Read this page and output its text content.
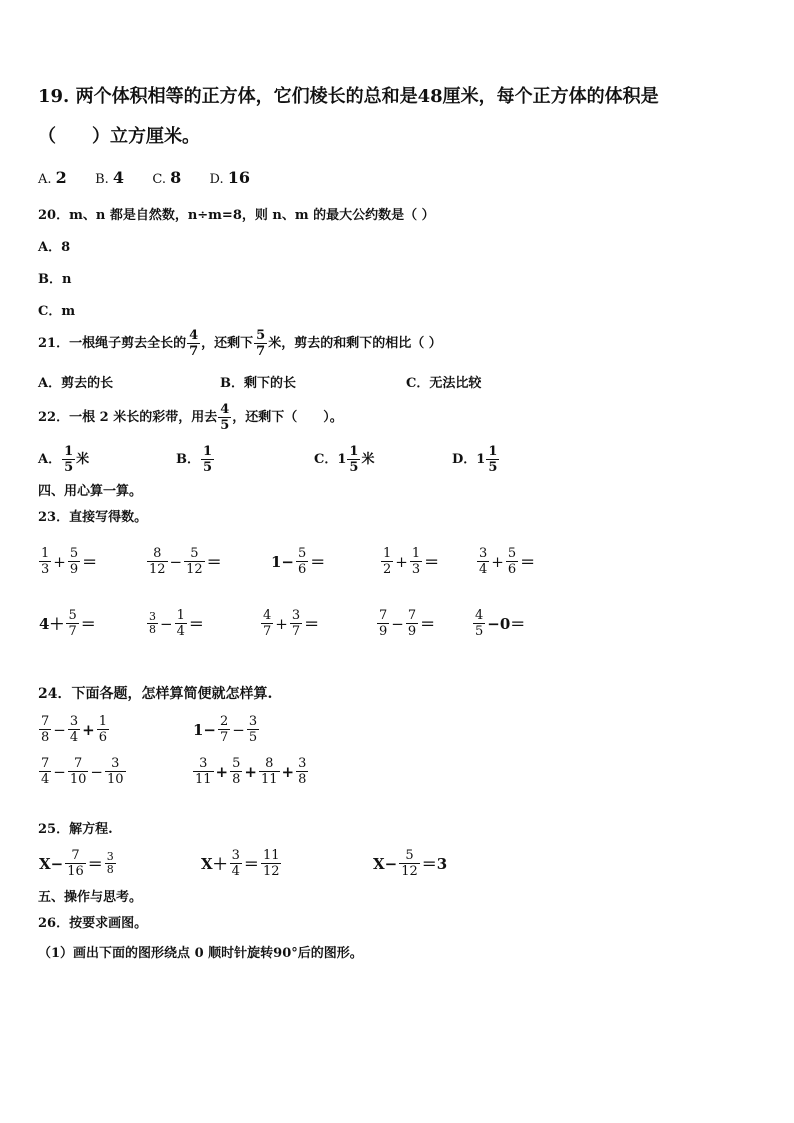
19. 两个体积相等的正方体，它们棱长的总和是48厘米，每个正方体的体积是
（　　）立方厘米。
A. 2 B. 4 C. 8 D. 16
20．m、n 都是自然数，n÷m=8，则 n、m 的最大公约数是（ ）
A．8
B．n
C．m
21．一根绳子剪去全长的 $\frac{4}{7}$ ，还剩下 $\frac{5}{7}$ 米，剪去的和剩下的相比（ ）
A．剪去的长	B．剩下的长	C．无法比较
22．一根 2 米长的彩带，用去 $\frac{4}{5}$ ，还剩下（　　）。
A． $\frac{1}{5}$ 米	B． $\frac{1}{5}$	C． $1 \frac{1}{5}$ 米	D． $1 \frac{1}{5}$
四、用心算一算。
23．直接写得数。
$\frac{1}{3} + \frac{5}{9}$ ＝	$\frac{8}{12} - \frac{5}{12}$ ＝	$1- \frac{5}{6}$ ＝	$\frac{1}{2} + \frac{1}{3}$ ＝	$\frac{3}{4} + \frac{5}{6}$ ＝
$4+ \frac{5}{7}$ ＝	$\frac{3}{8} - \frac{1}{4}$ ＝	$\frac{4}{7} + \frac{3}{7}$ ＝	$\frac{7}{9} - \frac{7}{9}$ ＝	$\frac{4}{5} -0=$
24．下面各题，怎样算简便就怎样算.
$\frac{7}{8} - \frac{3}{4} + \frac{1}{6}$	$1- \frac{2}{7} - \frac{3}{5}$
$\frac{7}{4} - \frac{7}{10} - \frac{3}{10}$	$\frac{3}{11} + \frac{5}{8} + \frac{8}{11} + \frac{3}{8}$
25．解方程.
$X- \frac{7}{16} = \frac{3}{8}$	$X+ \frac{3}{4} = \frac{11}{12}$	$X- \frac{5}{12} =3$
五、操作与思考。
26．按要求画图。
（1）画出下面的图形绕点 0 顺时针旋转90°后的图形。
